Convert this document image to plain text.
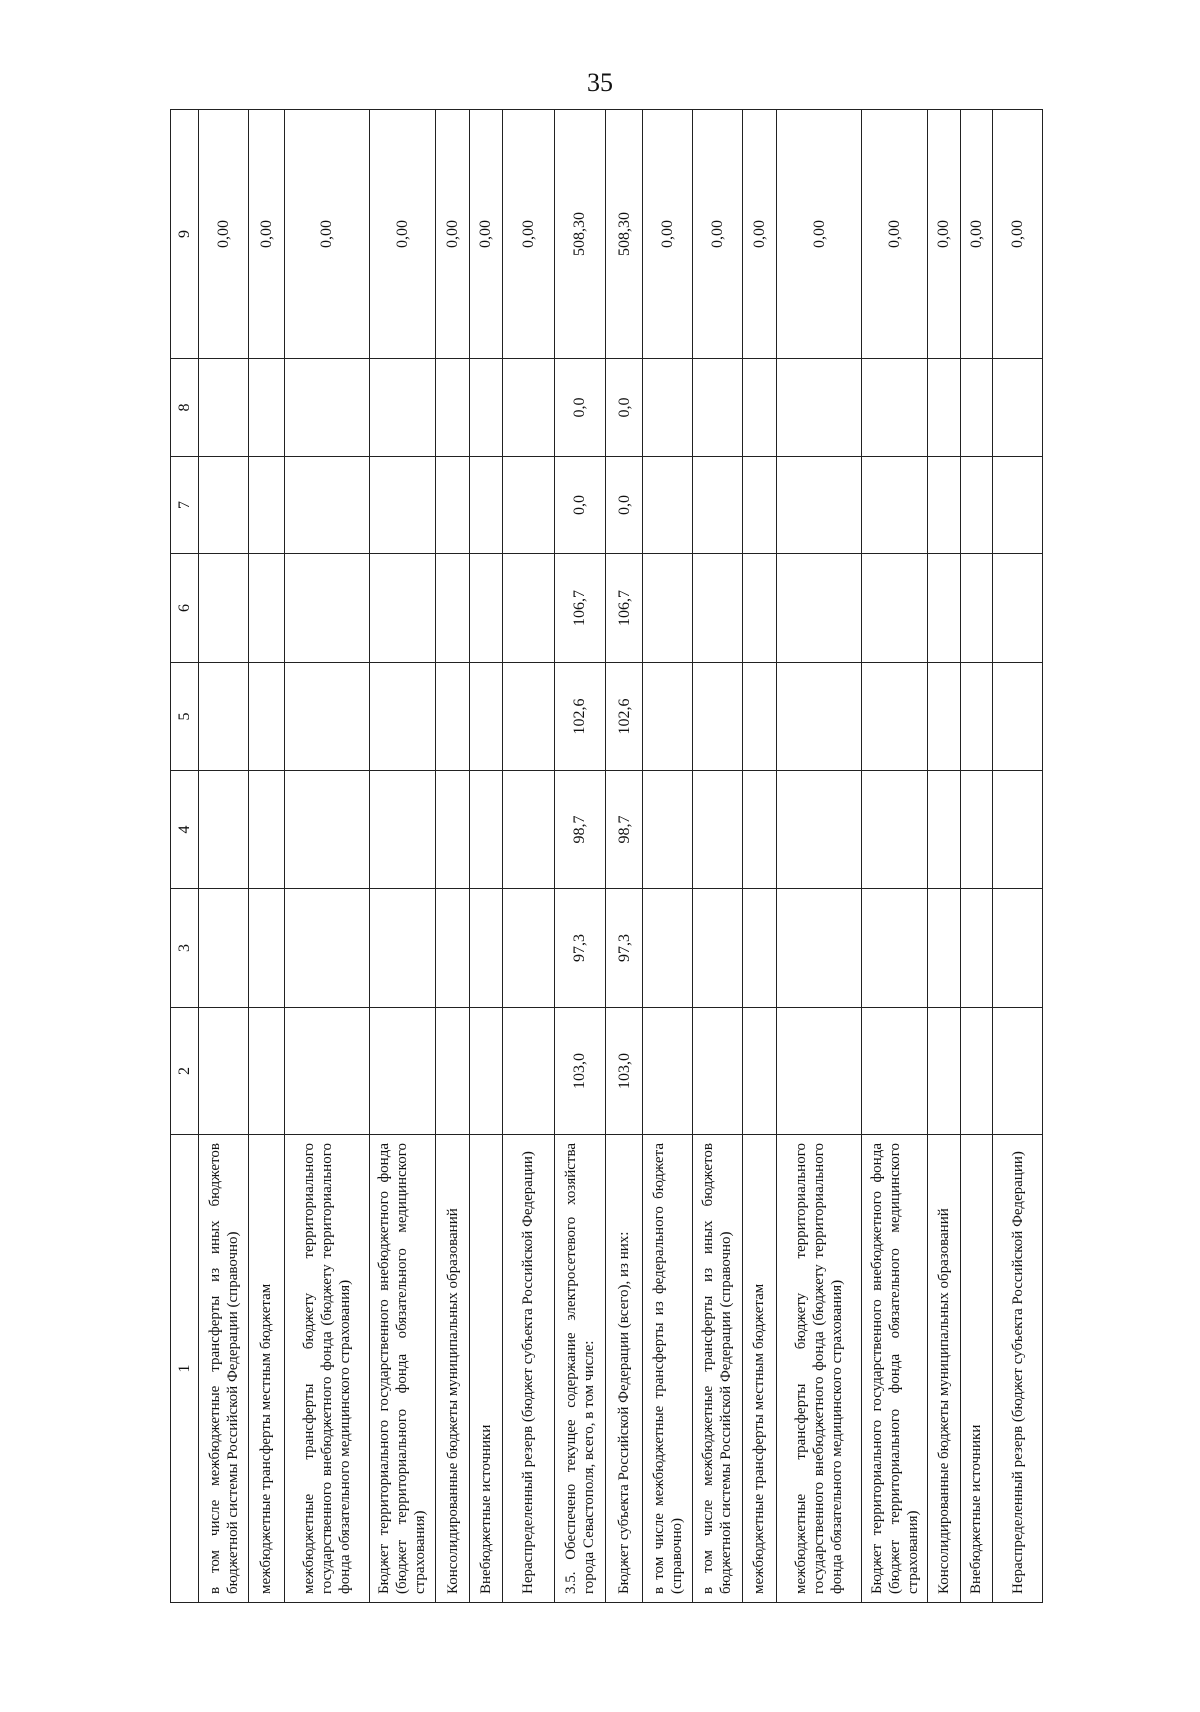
35
1	2	3	4	5	6	7	8	9
в том числе межбюджетные трансферты из иных бюджетов бюджетной системы Российской Федерации (справочно)								0,00
межбюджетные трансферты местным бюджетам								0,00
межбюджетные трансферты бюджету территориального государственного внебюджетного фонда (бюджету территориального фонда обязательного медицинского страхования)								0,00
Бюджет территориального государственного внебюджетного фонда (бюджет территориального фонда обязательного медицинского страхования)								0,00
Консолидированные бюджеты муниципальных образований								0,00
Внебюджетные источники								0,00
Нераспределенный резерв (бюджет субъекта Российской Федерации)								0,00
3.5. Обеспечено текущее содержание электросетевого хозяйства города Севастополя, всего, в том числе:	103,0	97,3	98,7	102,6	106,7	0,0	0,0	508,30
Бюджет субъекта Российской Федерации (всего), из них:	103,0	97,3	98,7	102,6	106,7	0,0	0,0	508,30
в том числе межбюджетные трансферты из федерального бюджета (справочно)								0,00
в том числе межбюджетные трансферты из иных бюджетов бюджетной системы Российской Федерации (справочно)								0,00
межбюджетные трансферты местным бюджетам								0,00
межбюджетные трансферты бюджету территориального государственного внебюджетного фонда (бюджету территориального фонда обязательного медицинского страхования)								0,00
Бюджет территориального государственного внебюджетного фонда (бюджет территориального фонда обязательного медицинского страхования)								0,00
Консолидированные бюджеты муниципальных образований								0,00
Внебюджетные источники								0,00
Нераспределенный резерв (бюджет субъекта Российской Федерации)								0,00
